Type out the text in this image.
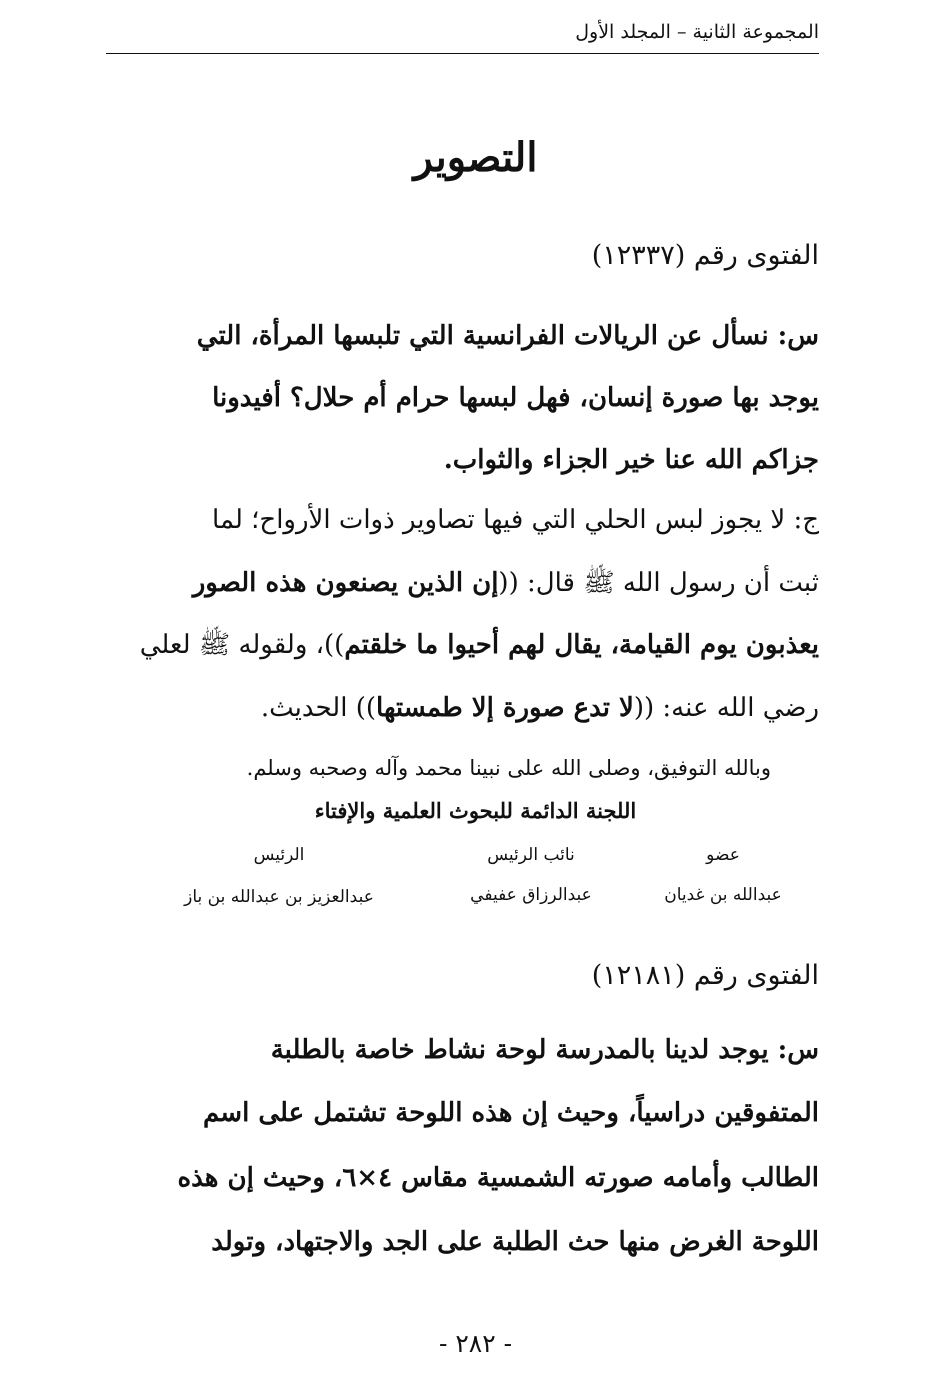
المجموعة الثانية – المجلد الأول
التصوير
الفتوى رقم (١٢٣٣٧)
س: نسأل عن الريالات الفرانسية التي تلبسها المرأة، التي
يوجد بها صورة إنسان، فهل لبسها حرام أم حلال؟ أفيدونا
جزاكم الله عنا خير الجزاء والثواب.
ج: لا يجوز لبس الحلي التي فيها تصاوير ذوات الأرواح؛ لما
ثبت أن رسول الله ﷺ قال: ((إن الذين يصنعون هذه الصور
يعذبون يوم القيامة، يقال لهم أحيوا ما خلقتم))، ولقوله ﷺ لعلي
رضي الله عنه: ((لا تدع صورة إلا طمستها)) الحديث.
وبالله التوفيق، وصلى الله على نبينا محمد وآله وصحبه وسلم.
اللجنة الدائمة للبحوث العلمية والإفتاء
عضو
عبدالله بن غديان
نائب الرئيس
عبدالرزاق عفيفي
الرئيس
عبدالعزيز بن عبدالله بن باز
الفتوى رقم (١٢١٨١)
س: يوجد لدينا بالمدرسة لوحة نشاط خاصة بالطلبة
المتفوقين دراسياً، وحيث إن هذه اللوحة تشتمل على اسم
الطالب وأمامه صورته الشمسية مقاس ٤×٦، وحيث إن هذه
اللوحة الغرض منها حث الطلبة على الجد والاجتهاد، وتولد
- ٢٨٢ -
